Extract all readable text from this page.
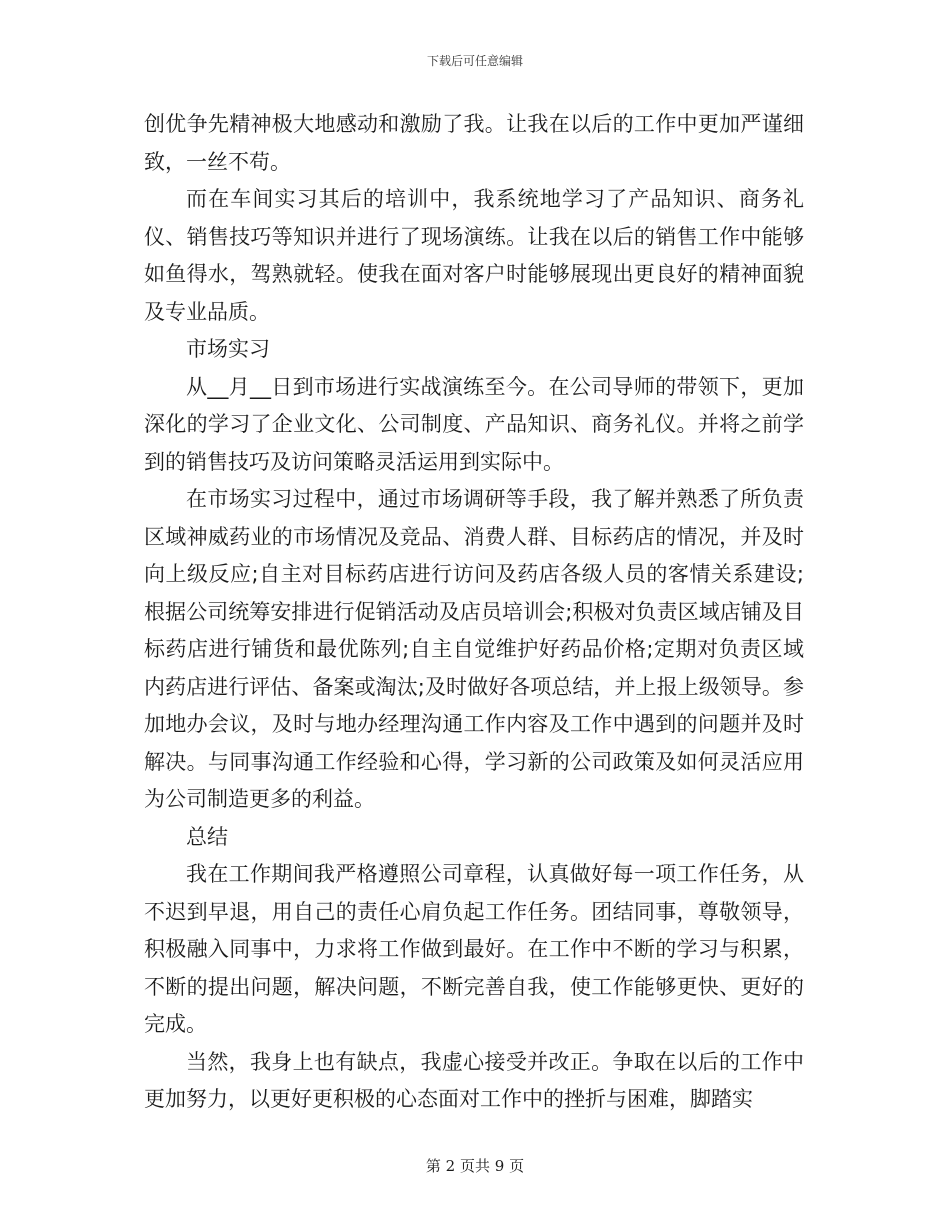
下载后可任意编辑

创优争先精神极大地感动和激励了我。让我在以后的工作中更加严谨细致，一丝不苟。

而在车间实习其后的培训中，我系统地学习了产品知识、商务礼仪、销售技巧等知识并进行了现场演练。让我在以后的销售工作中能够如鱼得水，驾熟就轻。使我在面对客户时能够展现出更良好的精神面貌及专业品质。

市场实习

从__月__日到市场进行实战演练至今。在公司导师的带领下，更加深化的学习了企业文化、公司制度、产品知识、商务礼仪。并将之前学到的销售技巧及访问策略灵活运用到实际中。

在市场实习过程中，通过市场调研等手段，我了解并熟悉了所负责区域神威药业的市场情况及竞品、消费人群、目标药店的情况，并及时向上级反应;自主对目标药店进行访问及药店各级人员的客情关系建设;根据公司统筹安排进行促销活动及店员培训会;积极对负责区域店铺及目标药店进行铺货和最优陈列;自主自觉维护好药品价格;定期对负责区域内药店进行评估、备案或淘汰;及时做好各项总结，并上报上级领导。参加地办会议，及时与地办经理沟通工作内容及工作中遇到的问题并及时解决。与同事沟通工作经验和心得，学习新的公司政策及如何灵活应用为公司制造更多的利益。

总结

我在工作期间我严格遵照公司章程，认真做好每一项工作任务，从不迟到早退，用自己的责任心肩负起工作任务。团结同事，尊敬领导，积极融入同事中，力求将工作做到最好。在工作中不断的学习与积累，不断的提出问题，解决问题，不断完善自我，使工作能够更快、更好的完成。

当然，我身上也有缺点，我虚心接受并改正。争取在以后的工作中更加努力，以更好更积极的心态面对工作中的挫折与困难，脚踏实

第 2 页共 9 页
